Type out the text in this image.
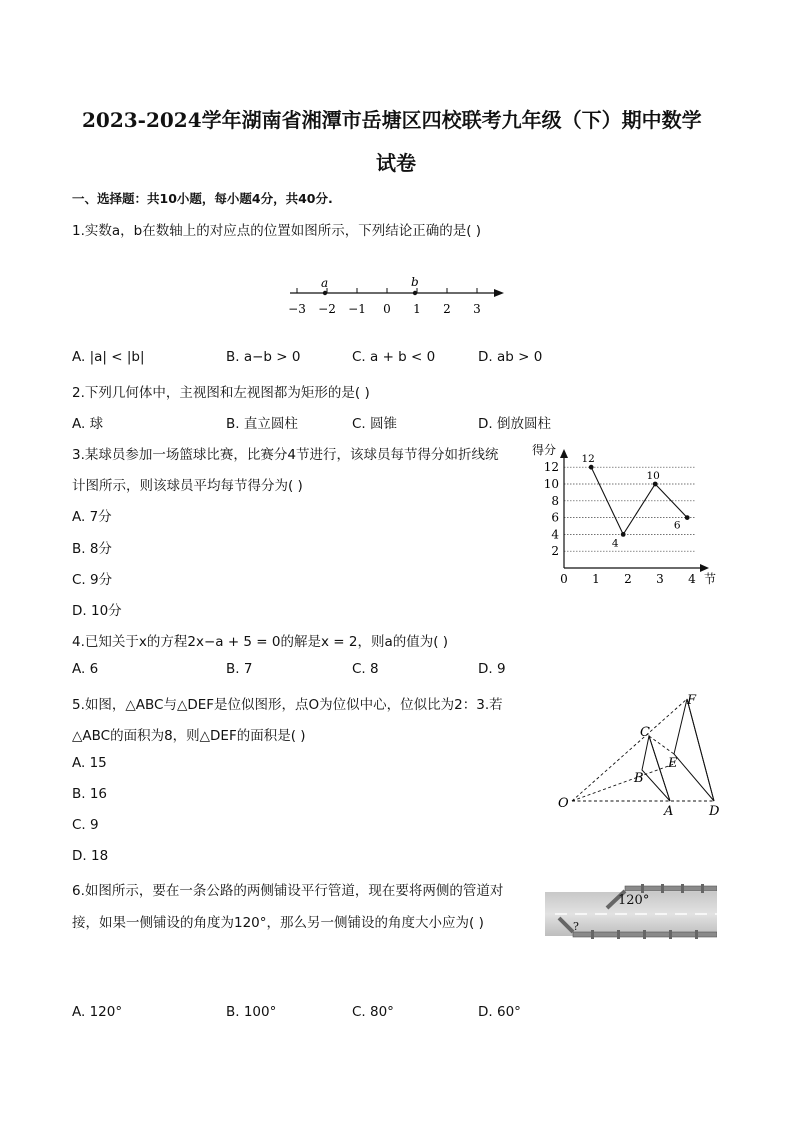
2023-2024学年湖南省湘潭市岳塘区四校联考九年级（下）期中数学
试卷
一、选择题：共10小题，每小题4分，共40分.
1.实数a，b在数轴上的对应点的位置如图所示，下列结论正确的是( )
−3 −2 −1 0 1 2 3
a	b
A. |a| < |b|	B. a−b > 0	C. a + b < 0	D. ab > 0
2.下列几何体中，主视图和左视图都为矩形的是( )
A. 球	B. 直立圆柱	C. 圆锥	D. 倒放圆柱
3.某球员参加一场篮球比赛，比赛分4节进行，该球员每节得分如折线统
计图所示，则该球员平均每节得分为( )
A. 7分
B. 8分
C. 9分
D. 10分
得分
节
2
4
6
8
10
12
0 1 2 3 4
12
4
10
6
4.已知关于x的方程2x−a + 5 = 0的解是x = 2，则a的值为( )
A. 6	B. 7	C. 8	D. 9
5.如图，△ABC与△DEF是位似图形，点O为位似中心，位似比为2：3.若
△ABC的面积为8，则△DEF的面积是( )
A. 15
B. 16
C. 9
D. 18
O
A
B
C
D
E
F
6.如图所示，要在一条公路的两侧铺设平行管道，现在要将两侧的管道对
接，如果一侧铺设的角度为120°，那么另一侧铺设的角度大小应为( )
120°
?
A. 120°	B. 100°	C. 80°	D. 60°
